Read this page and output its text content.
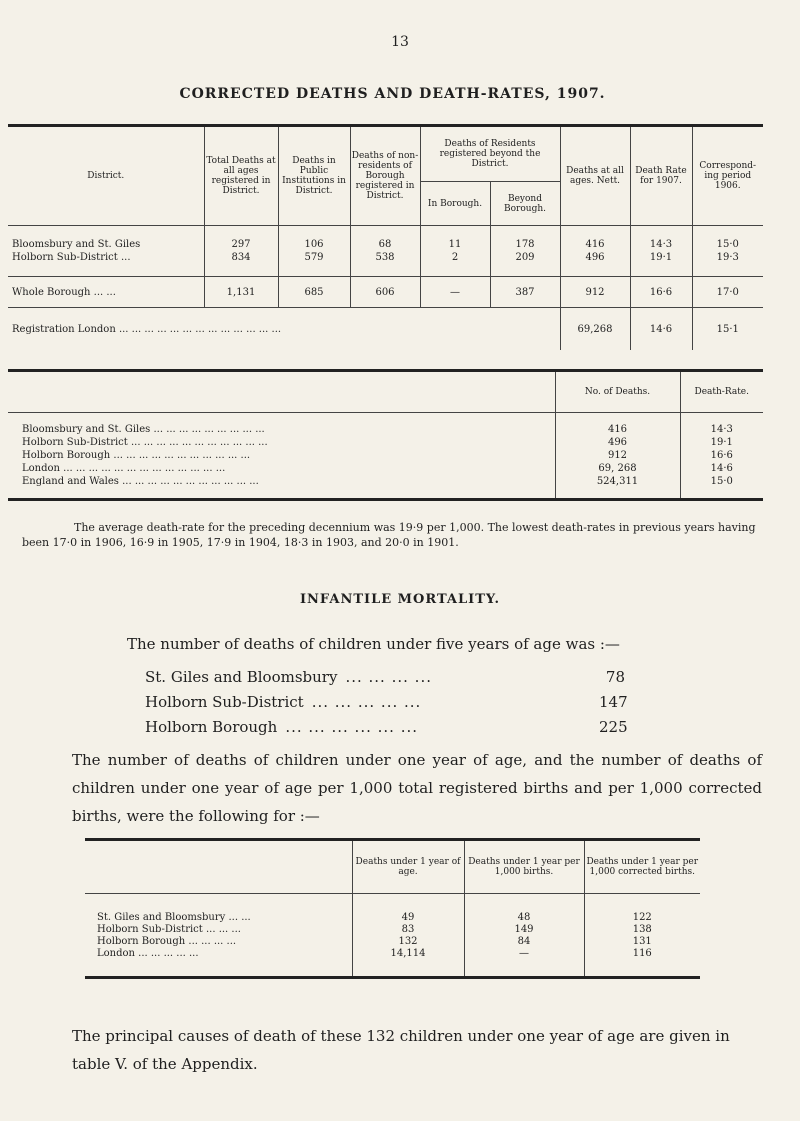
13
CORRECTED DEATHS AND DEATH-RATES, 1907.
District.	Total Deaths at all ages registered in District.	Deaths in Public Institutions in District.	Deaths of non-residents of Borough registered in District.	Deaths of Residents registered beyond the District.		Deaths at all ages. Nett.	Death Rate for 1907.	Correspond- ing period 1906.
				In Borough.	Beyond Borough.			

Bloomsbury and St. Giles	297	106	68	11	178	416	14·3	15·0
Holborn Sub-District ...	834	579	538	2	209	496	19·1	19·3

Whole Borough ... ...	1,131	685	606	—	387	912	16·6	17·0
Registration London ... ... ... ... ... ... ... ... ... ... ... ... ...						69,268	14·6	15·1
	No. of Deaths.	Death-Rate.
Bloomsbury and St. Giles ... ... ... ... ... ... ... ... ...	416	14·3
Holborn Sub-District ... ... ... ... ... ... ... ... ... ... ...	496	19·1
Holborn Borough ... ... ... ... ... ... ... ... ... ... ...	912	16·6
London ... ... ... ... ... ... ... ... ... ... ... ... ...	69, 268	14·6
England and Wales ... ... ... ... ... ... ... ... ... ... ...	524,311	15·0
The average death-rate for the preceding decennium was 19·9 per 1,000. The lowest death-rates in previous years having been 17·0 in 1906, 16·9 in 1905, 17·9 in 1904, 18·3 in 1903, and 20·0 in 1901.
INFANTILE MORTALITY.
The number of deaths of children under five years of age was :—
St. Giles and Bloomsbury ... ... ... ...	78
Holborn Sub-District ... ... ... ... ...	147
Holborn Borough ... ... ... ... ... ...	225
The number of deaths of children under one year of age, and the number of deaths of children under one year of age per 1,000 total registered births and per 1,000 corrected births, were the following for :—
	Deaths under 1 year of age.	Deaths under 1 year per 1,000 births.	Deaths under 1 year per 1,000 corrected births.
St. Giles and Bloomsbury ... ...	49	48	122
Holborn Sub-District ... ... ...	83	149	138
Holborn Borough ... ... ... ...	132	84	131
London ... ... ... ... ...	14,114	—	116
The principal causes of death of these 132 children under one year of age are given in table V. of the Appendix.
